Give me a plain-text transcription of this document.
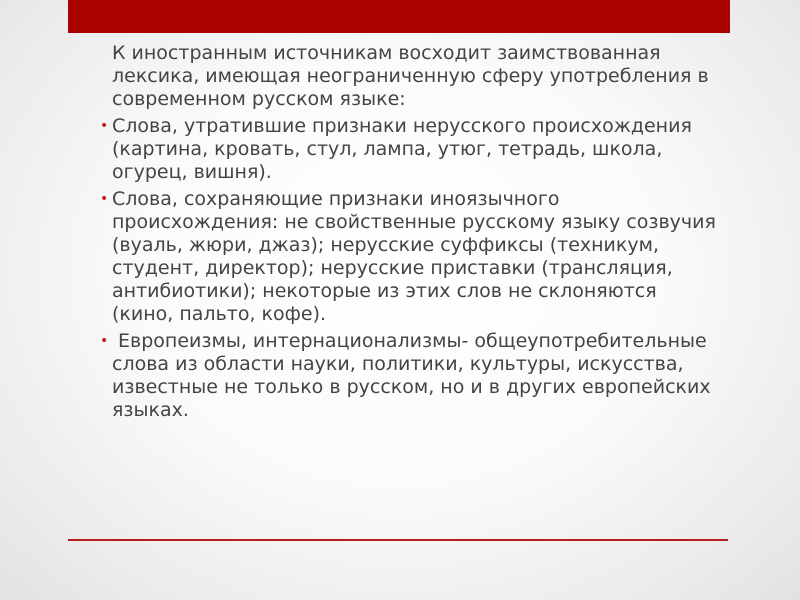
К иностранным источникам восходит заимствованная лексика, имеющая неограниченную сферу употребления в современном русском языке:

• Слова, утратившие признаки нерусского происхождения (картина, кровать, стул, лампа, утюг, тетрадь, школа, огурец, вишня).
• Слова, сохраняющие признаки иноязычного происхождения: не свойственные русскому языку созвучия (вуаль, жюри, джаз); нерусские суффиксы (техникум, студент, директор); нерусские приставки (трансляция, антибиотики); некоторые из этих слов не склоняются (кино, пальто, кофе).
• Европеизмы, интернационализмы- общеупотребительные слова из области науки, политики, культуры, искусства, известные не только в русском, но и в других европейских языках.
